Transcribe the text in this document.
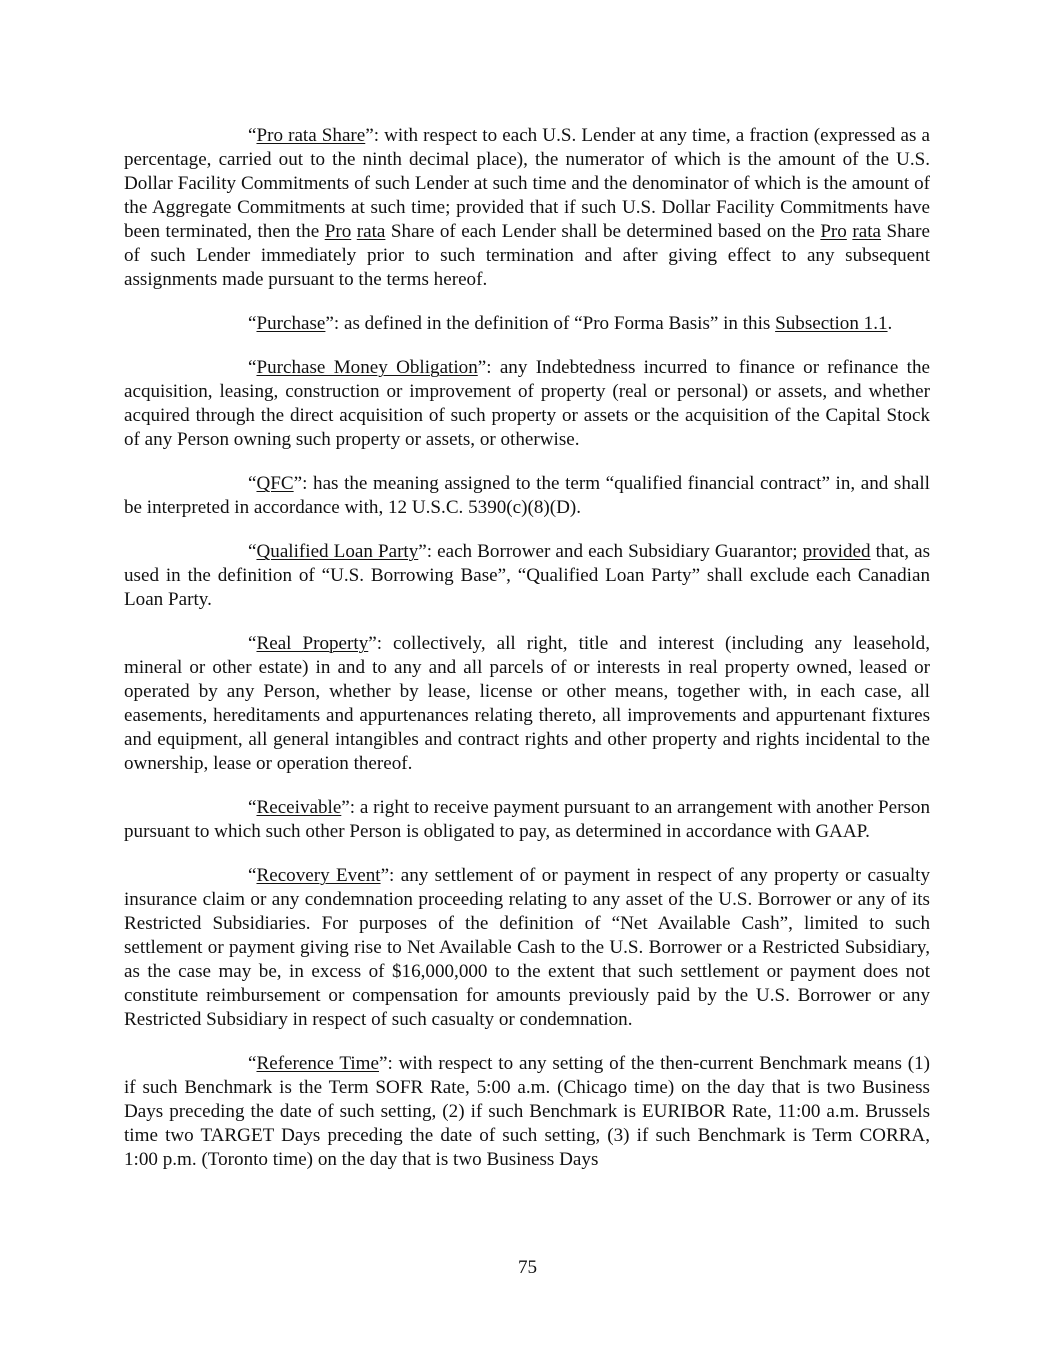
“Pro rata Share”: with respect to each U.S. Lender at any time, a fraction (expressed as a percentage, carried out to the ninth decimal place), the numerator of which is the amount of the U.S. Dollar Facility Commitments of such Lender at such time and the denominator of which is the amount of the Aggregate Commitments at such time; provided that if such U.S. Dollar Facility Commitments have been terminated, then the Pro rata Share of each Lender shall be determined based on the Pro rata Share of such Lender immediately prior to such termination and after giving effect to any subsequent assignments made pursuant to the terms hereof.

“Purchase”: as defined in the definition of “Pro Forma Basis” in this Subsection 1.1.

“Purchase Money Obligation”: any Indebtedness incurred to finance or refinance the acquisition, leasing, construction or improvement of property (real or personal) or assets, and whether acquired through the direct acquisition of such property or assets or the acquisition of the Capital Stock of any Person owning such property or assets, or otherwise.

“QFC”: has the meaning assigned to the term “qualified financial contract” in, and shall be interpreted in accordance with, 12 U.S.C. 5390(c)(8)(D).

“Qualified Loan Party”: each Borrower and each Subsidiary Guarantor; provided that, as used in the definition of “U.S. Borrowing Base”, “Qualified Loan Party” shall exclude each Canadian Loan Party.

“Real Property”: collectively, all right, title and interest (including any leasehold, mineral or other estate) in and to any and all parcels of or interests in real property owned, leased or operated by any Person, whether by lease, license or other means, together with, in each case, all easements, hereditaments and appurtenances relating thereto, all improvements and appurtenant fixtures and equipment, all general intangibles and contract rights and other property and rights incidental to the ownership, lease or operation thereof.

“Receivable”: a right to receive payment pursuant to an arrangement with another Person pursuant to which such other Person is obligated to pay, as determined in accordance with GAAP.

“Recovery Event”: any settlement of or payment in respect of any property or casualty insurance claim or any condemnation proceeding relating to any asset of the U.S. Borrower or any of its Restricted Subsidiaries. For purposes of the definition of “Net Available Cash”, limited to such settlement or payment giving rise to Net Available Cash to the U.S. Borrower or a Restricted Subsidiary, as the case may be, in excess of $16,000,000 to the extent that such settlement or payment does not constitute reimbursement or compensation for amounts previously paid by the U.S. Borrower or any Restricted Subsidiary in respect of such casualty or condemnation.

“Reference Time”: with respect to any setting of the then-current Benchmark means (1) if such Benchmark is the Term SOFR Rate, 5:00 a.m. (Chicago time) on the day that is two Business Days preceding the date of such setting, (2) if such Benchmark is EURIBOR Rate, 11:00 a.m. Brussels time two TARGET Days preceding the date of such setting, (3) if such Benchmark is Term CORRA, 1:00 p.m. (Toronto time) on the day that is two Business Days

75
